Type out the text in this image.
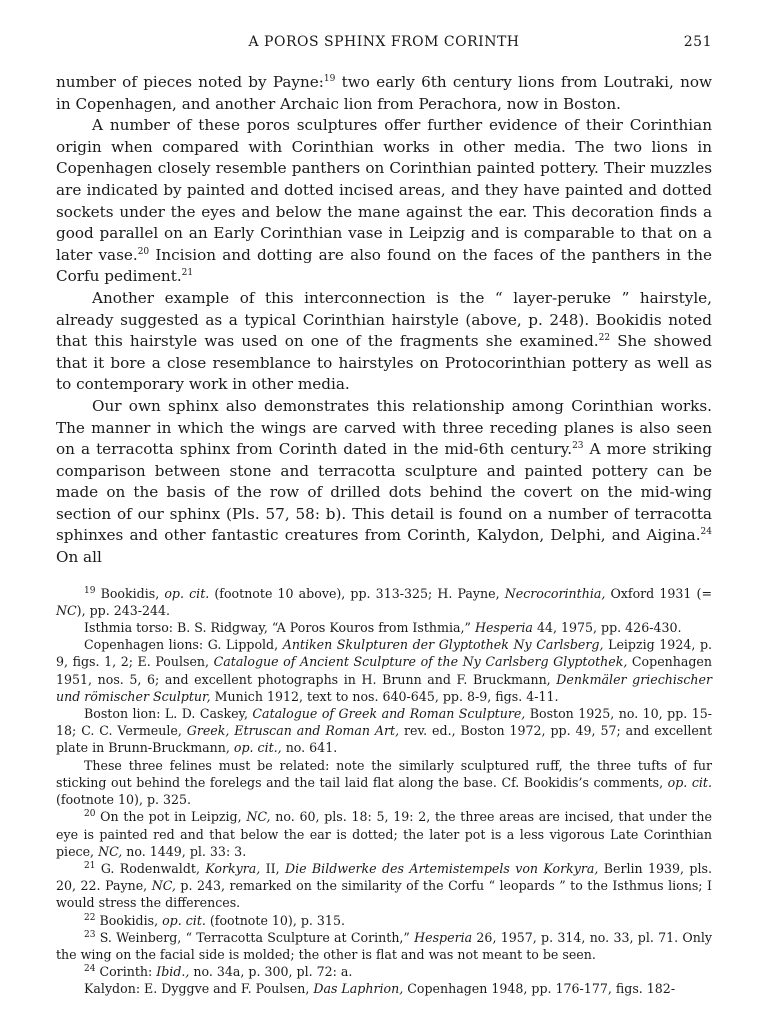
A POROS SPHINX FROM CORINTH	251

number of pieces noted by Payne:$^{19}$ two early 6th century lions from Loutraki, now in Copenhagen, and another Archaic lion from Perachora, now in Boston.

A number of these poros sculptures offer further evidence of their Corinthian origin when compared with Corinthian works in other media. The two lions in Copenhagen closely resemble panthers on Corinthian painted pottery. Their muzzles are indicated by painted and dotted incised areas, and they have painted and dotted sockets under the eyes and below the mane against the ear. This decoration finds a good parallel on an Early Corinthian vase in Leipzig and is comparable to that on a later vase.$^{20}$ Incision and dotting are also found on the faces of the panthers in the Corfu pediment.$^{21}$

Another example of this interconnection is the “ layer-peruke ” hairstyle, already suggested as a typical Corinthian hairstyle (above, p. 248). Bookidis noted that this hairstyle was used on one of the fragments she examined.$^{22}$ She showed that it bore a close resemblance to hairstyles on Protocorinthian pottery as well as to contemporary work in other media.

Our own sphinx also demonstrates this relationship among Corinthian works. The manner in which the wings are carved with three receding planes is also seen on a terracotta sphinx from Corinth dated in the mid-6th century.$^{23}$ A more striking comparison between stone and terracotta sculpture and painted pottery can be made on the basis of the row of drilled dots behind the covert on the mid-wing section of our sphinx (Pls. 57, 58: b). This detail is found on a number of terracotta sphinxes and other fantastic creatures from Corinth, Kalydon, Delphi, and Aigina.$^{24}$ On all

$^{19}$ Bookidis, op. cit. (footnote 10 above), pp. 313-325; H. Payne, Necrocorinthia, Oxford 1931 (= NC), pp. 243-244.

Isthmia torso: B. S. Ridgway, “A Poros Kouros from Isthmia,” Hesperia 44, 1975, pp. 426-430.

Copenhagen lions: G. Lippold, Antiken Skulpturen der Glyptothek Ny Carlsberg, Leipzig 1924, p. 9, figs. 1, 2; E. Poulsen, Catalogue of Ancient Sculpture of the Ny Carlsberg Glyptothek, Copenhagen 1951, nos. 5, 6; and excellent photographs in H. Brunn and F. Bruckmann, Denkmäler griechischer und römischer Sculptur, Munich 1912, text to nos. 640-645, pp. 8-9, figs. 4-11.

Boston lion: L. D. Caskey, Catalogue of Greek and Roman Sculpture, Boston 1925, no. 10, pp. 15-18; C. C. Vermeule, Greek, Etruscan and Roman Art, rev. ed., Boston 1972, pp. 49, 57; and excellent plate in Brunn-Bruckmann, op. cit., no. 641.

These three felines must be related: note the similarly sculptured ruff, the three tufts of fur sticking out behind the forelegs and the tail laid flat along the base. Cf. Bookidis’s comments, op. cit. (footnote 10), p. 325.

$^{20}$ On the pot in Leipzig, NC, no. 60, pls. 18: 5, 19: 2, the three areas are incised, that under the eye is painted red and that below the ear is dotted; the later pot is a less vigorous Late Corinthian piece, NC, no. 1449, pl. 33: 3.

$^{21}$ G. Rodenwaldt, Korkyra, II, Die Bildwerke des Artemistempels von Korkyra, Berlin 1939, pls. 20, 22. Payne, NC, p. 243, remarked on the similarity of the Corfu “ leopards ” to the Isthmus lions; I would stress the differences.

$^{22}$ Bookidis, op. cit. (footnote 10), p. 315.

$^{23}$ S. Weinberg, “ Terracotta Sculpture at Corinth,” Hesperia 26, 1957, p. 314, no. 33, pl. 71. Only the wing on the facial side is molded; the other is flat and was not meant to be seen.

$^{24}$ Corinth: Ibid., no. 34a, p. 300, pl. 72: a.

Kalydon: E. Dyggve and F. Poulsen, Das Laphrion, Copenhagen 1948, pp. 176-177, figs. 182-
